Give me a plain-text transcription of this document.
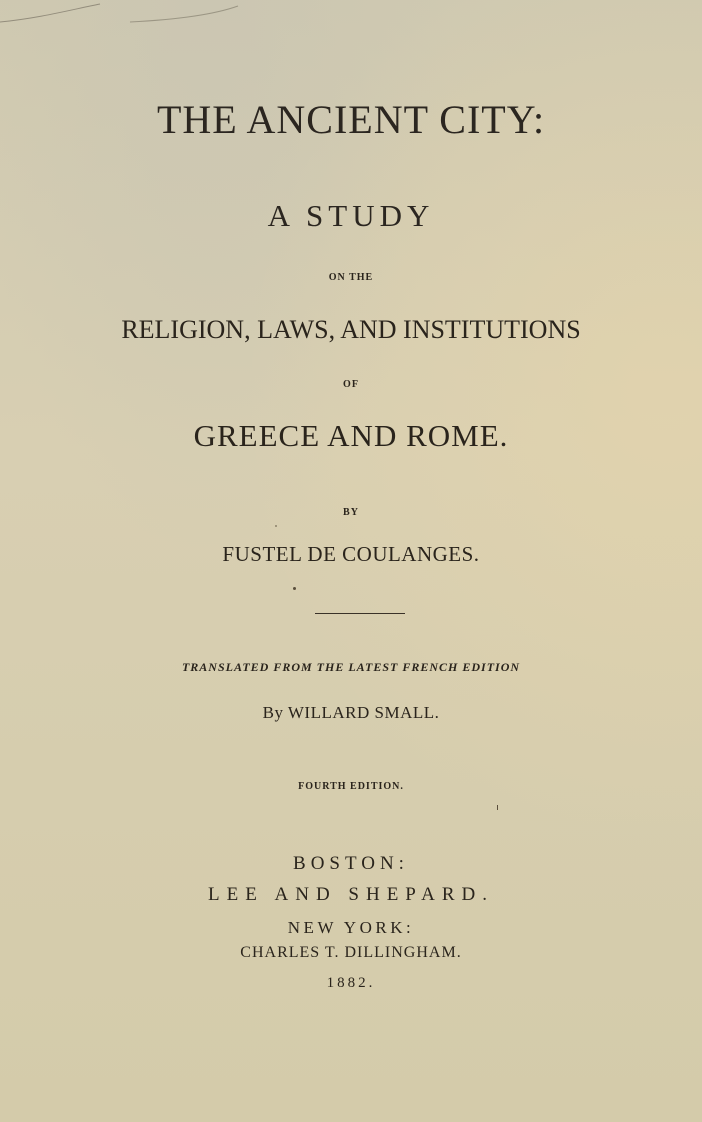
THE ANCIENT CITY:

A STUDY

ON THE

RELIGION, LAWS, AND INSTITUTIONS

OF

GREECE AND ROME.

BY

FUSTEL DE COULANGES.

TRANSLATED FROM THE LATEST FRENCH EDITION

By WILLARD SMALL.

FOURTH EDITION.

BOSTON:

LEE AND SHEPARD.

NEW YORK:

CHARLES T. DILLINGHAM.

1882.
